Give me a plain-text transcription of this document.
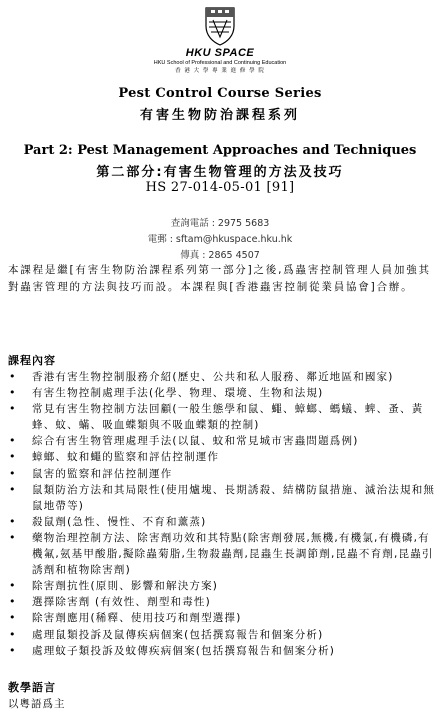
HKU SPACE
HKU School of Professional and Continuing Education
香 港 大 學 專 業 進 修 學 院
Pest Control Course Series
有害生物防治課程系列
Part 2: Pest Management Approaches and Techniques
第二部分:有害生物管理的方法及技巧
HS 27-014-05-01 [91]
查詢電話 : 2975 5683
電郵 : sftam@hkuspace.hku.hk
傳真 : 2865 4507

本課程是繼[有害生物防治課程系列第一部分]之後,爲蟲害控制管理人員加強其對蟲害管理的方法與技巧而設。本課程與[香港蟲害控制從業員協會]合辦。

課程內容
• 香港有害生物控制服務介紹(歷史、公共和私人服務、鄰近地區和國家)
• 有害生物控制處理手法(化學、物理、環境、生物和法規)
• 常見有害生物控制方法回顧(一般生態學和鼠、蠅、蟑螂、螞蟻、蜱、蚤、黃蜂、蚊、蟎、吸血蝶類與不吸血蝶類的控制)
• 綜合有害生物管理處理手法(以鼠、蚊和常見城市害蟲問題爲例)
• 蟑螂、蚊和蠅的監察和評估控制運作
• 鼠害的監察和評估控制運作
• 鼠類防治方法和其局限性(使用爐塊、長期誘殺、結構防鼠措施、滅治法規和無鼠地帶等)
• 殺鼠劑(急性、慢性、不育和薰蒸)
• 藥物治理控制方法、除害劑功效和其特點(除害劑發展,無機,有機氯,有機磷,有機氟,氨基甲酸脂,擬除蟲菊脂,生物殺蟲劑,昆蟲生長調節劑,昆蟲不育劑,昆蟲引誘劑和植物除害劑)
• 除害劑抗性(原則、影響和解決方案)
• 選擇除害劑 (有效性、劑型和毒性)
• 除害劑應用(稀釋、使用技巧和劑型選擇)
• 處理鼠類投訴及鼠傳疾病個案(包括撰寫報告和個案分析)
• 處理蚊子類投訴及蚊傳疾病個案(包括撰寫報告和個案分析)
教學語言
以粵語爲主
